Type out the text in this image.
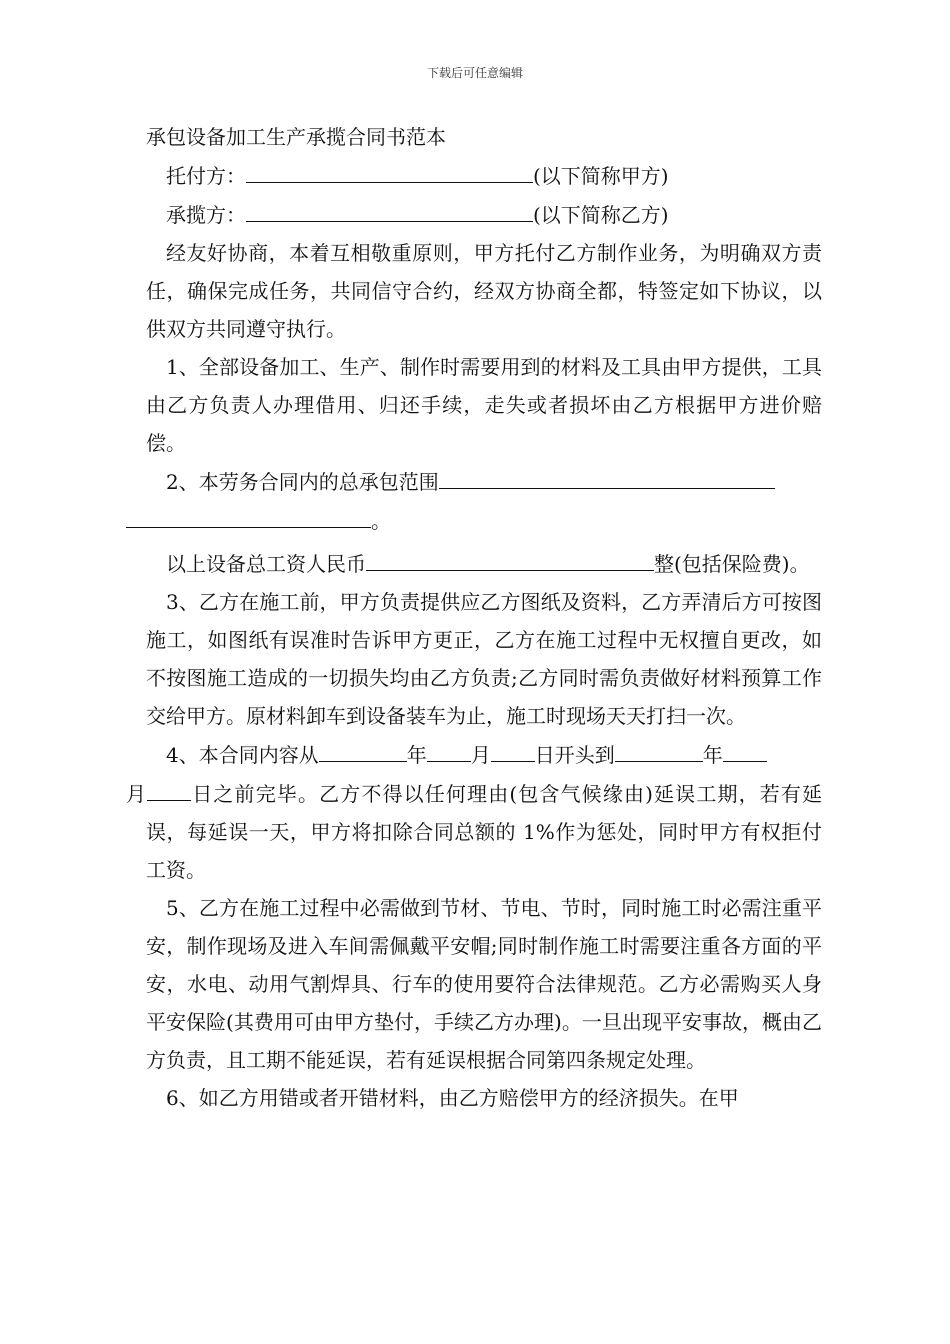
下载后可任意编辑

承包设备加工生产承揽合同书范本

托付方：	(以下简称甲方)

承揽方：	(以下简称乙方)

经友好协商，本着互相敬重原则，甲方托付乙方制作业务，为明确双方责任，确保完成任务，共同信守合约，经双方协商全都，特签定如下协议，以供双方共同遵守执行。

1、全部设备加工、生产、制作时需要用到的材料及工具由甲方提供，工具由乙方负责人办理借用、归还手续，走失或者损坏由乙方根据甲方进价赔偿。

2、本劳务合同内的总承包范围
。

以上设备总工资人民币	整(包括保险费)。

3、乙方在施工前，甲方负责提供应乙方图纸及资料，乙方弄清后方可按图施工，如图纸有误准时告诉甲方更正，乙方在施工过程中无权擅自更改，如不按图施工造成的一切损失均由乙方负责;乙方同时需负责做好材料预算工作交给甲方。原材料卸车到设备装车为止，施工时现场天天打扫一次。

4、本合同内容从	年 月 日开头到	年
月 日之前完毕。乙方不得以任何理由(包含气候缘由)延误工期，若有延误，每延误一天，甲方将扣除合同总额的 1%作为惩处，同时甲方有权拒付工资。

5、乙方在施工过程中必需做到节材、节电、节时，同时施工时必需注重平安，制作现场及进入车间需佩戴平安帽;同时制作施工时需要注重各方面的平安，水电、动用气割焊具、行车的使用要符合法律规范。乙方必需购买人身平安保险(其费用可由甲方垫付，手续乙方办理)。一旦出现平安事故，概由乙方负责，且工期不能延误，若有延误根据合同第四条规定处理。

6、如乙方用错或者开错材料，由乙方赔偿甲方的经济损失。在甲
